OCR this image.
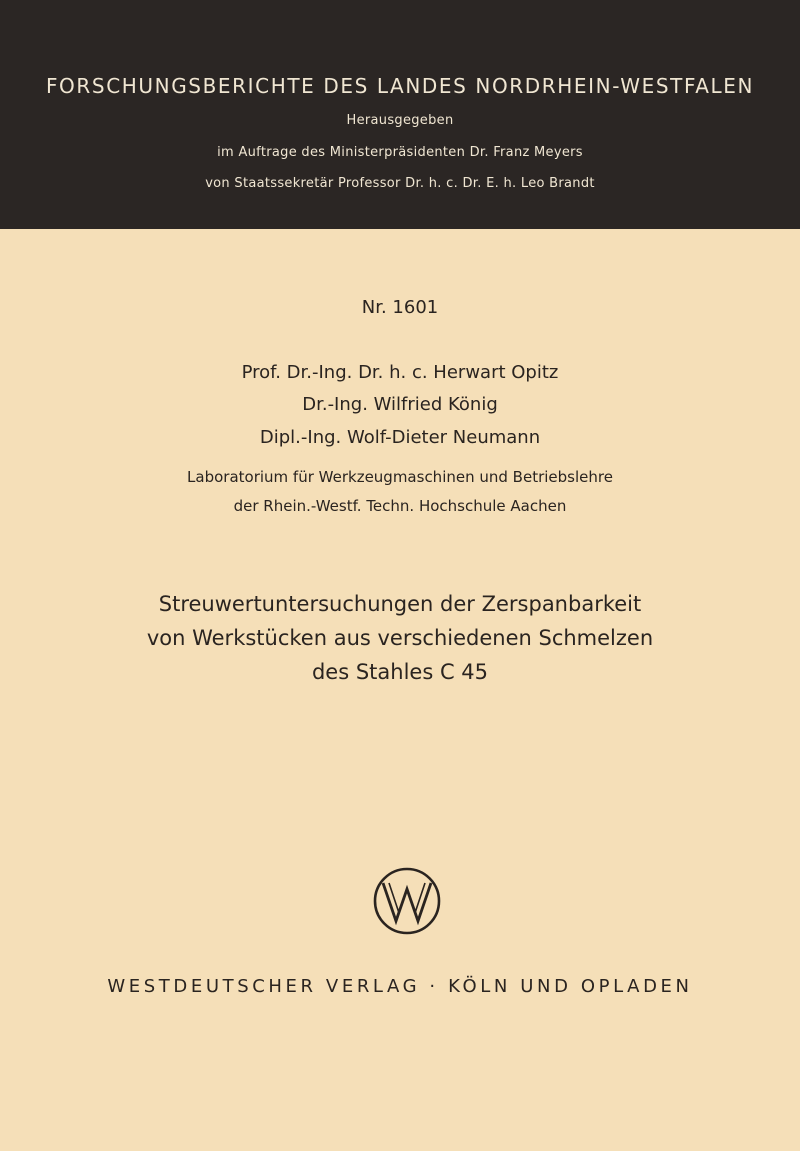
FORSCHUNGSBERICHTE DES LANDES NORDRHEIN-WESTFALEN
Herausgegeben
im Auftrage des Ministerpräsidenten Dr. Franz Meyers
von Staatssekretär Professor Dr. h. c. Dr. E. h. Leo Brandt
Nr. 1601
Prof. Dr.-Ing. Dr. h. c. Herwart Opitz
Dr.-Ing. Wilfried König
Dipl.-Ing. Wolf-Dieter Neumann
Laboratorium für Werkzeugmaschinen und Betriebslehre
der Rhein.-Westf. Techn. Hochschule Aachen
Streuwertuntersuchungen der Zerspanbarkeit
von Werkstücken aus verschiedenen Schmelzen
des Stahles C 45
WESTDEUTSCHER VERLAG · KÖLN UND OPLADEN
